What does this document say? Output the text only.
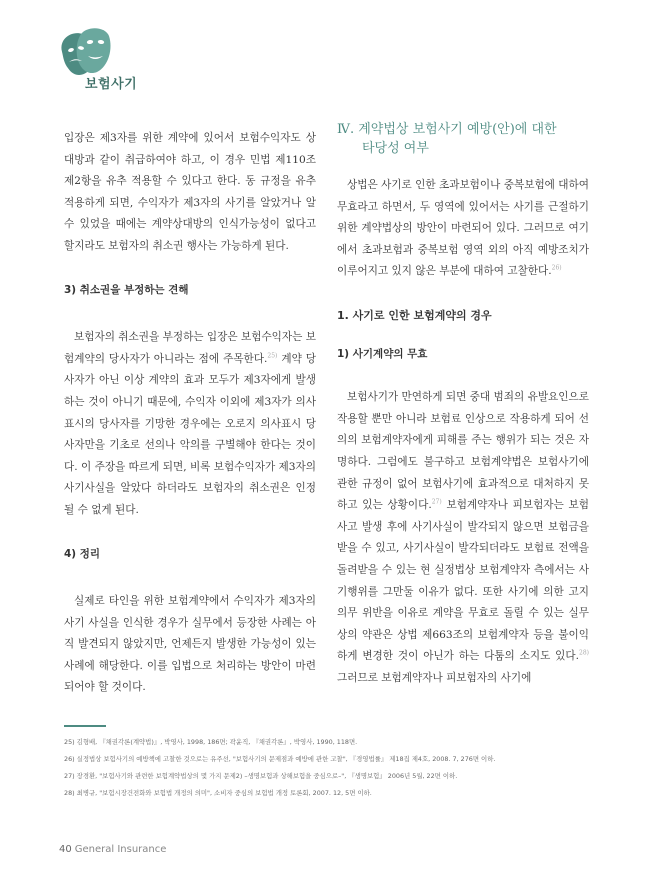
보험사기

입장은 제3자를 위한 계약에 있어서 보험수익자도 상대방과 같이 취급하여야 하고, 이 경우 민법 제110조 제2항을 유추 적용할 수 있다고 한다. 동 규정을 유추 적용하게 되면, 수익자가 제3자의 사기를 알았거나 알 수 있었을 때에는 계약상대방의 인식가능성이 없다고 할지라도 보험자의 취소권 행사는 가능하게 된다.

3) 취소권을 부정하는 견해

보험자의 취소권을 부정하는 입장은 보험수익자는 보험계약의 당사자가 아니라는 점에 주목한다.$^{25)}$ 계약 당사자가 아닌 이상 계약의 효과 모두가 제3자에게 발생하는 것이 아니기 때문에, 수익자 이외에 제3자가 의사표시의 당사자를 기망한 경우에는 오로지 의사표시 당사자만을 기초로 선의나 악의를 구별해야 한다는 것이다. 이 주장을 따르게 되면, 비록 보험수익자가 제3자의 사기사실을 알았다 하더라도 보험자의 취소권은 인정될 수 없게 된다.

4) 정리

실제로 타인을 위한 보험계약에서 수익자가 제3자의 사기 사실을 인식한 경우가 실무에서 등장한 사례는 아직 발견되지 않았지만, 언제든지 발생한 가능성이 있는 사례에 해당한다. 이를 입법으로 처리하는 방안이 마련되어야 할 것이다.

Ⅳ. 계약법상 보험사기 예방(안)에 대한
타당성 여부

상법은 사기로 인한 초과보험이나 중복보험에 대하여 무효라고 하면서, 두 영역에 있어서는 사기를 근절하기 위한 계약법상의 방안이 마련되어 있다. 그러므로 여기에서 초과보험과 중복보험 영역 외의 아직 예방조치가 이루어지고 있지 않은 부분에 대하여 고찰한다.$^{26)}$

1. 사기로 인한 보험계약의 경우

1) 사기계약의 무효

보험사기가 만연하게 되면 중대 범죄의 유발요인으로 작용할 뿐만 아니라 보험료 인상으로 작용하게 되어 선의의 보험계약자에게 피해를 주는 행위가 되는 것은 자명하다. 그럼에도 불구하고 보험계약법은 보험사기에 관한 규정이 없어 보험사기에 효과적으로 대처하지 못하고 있는 상황이다.$^{27)}$ 보험계약자나 피보험자는 보험사고 발생 후에 사기사실이 발각되지 않으면 보험금을 받을 수 있고, 사기사실이 발각되더라도 보험료 전액을 돌려받을 수 있는 현 실정법상 보험계약자 측에서는 사기행위를 그만둘 이유가 없다. 또한 사기에 의한 고지의무 위반을 이유로 계약을 무효로 돌릴 수 있는 실무상의 약관은 상법 제663조의 보험계약자 등을 불이익하게 변경한 것이 아닌가 하는 다툼의 소지도 있다.$^{28)}$ 그러므로 보험계약자나 피보험자의 사기에

25) 김형배, 『채권각론(계약법)』, 박영사, 1998, 186면; 곽윤직, 『채권각론』, 박영사, 1990, 118면.
26) 실정법상 보험사기의 예방책에 고찰한 것으로는 유주선, "보험사기의 문제점과 예방에 관한 고찰", 『경영법률』 제18집 제4호, 2008. 7, 276면 이하.
27) 장경환, "보험사기와 관련한 보험계약법상의 몇 가지 문제2) –생명보험과 상해보험을 중심으로–", 『생명보험』 2006년 5월, 22면 이하.
28) 최병규, "보험시장건전화와 보험법 개정의 의미", 소비자 중심의 보험법 개정 토론회, 2007. 12, 5면 이하.
40 General Insurance
